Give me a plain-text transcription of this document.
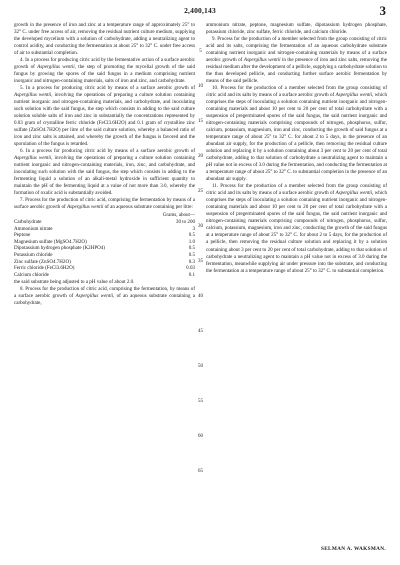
2,400,143	3

growth in the presence of iron and zinc at a temperature range of approximately 25° to 32° C. under free access of air, removing the residual nutrient culture medium, supplying the developed mycelium with a solution of carbohydrate, adding a neutralizing agent to control acidity, and conducting the fermentation at about 25° to 32° C. under free access of air to substantial completion.

4. In a process for producing citric acid by the fermentative action of a surface aerobic growth of Aspergillus wentii, the step of promoting the mycelial growth of the said fungus by growing the spores of the said fungus in a medium comprising nutrient inorganic and nitrogen-containing materials, salts of iron and zinc, and carbohydrate.

5. In a process for producing citric acid by means of a surface aerobic growth of Aspergillus wentii, involving the operations of preparing a culture solution containing nutrient inorganic and nitrogen-containing materials, and carbohydrate, and inoculating such solution with the said fungus, the step which consists in adding to the said culture solution soluble salts of iron and zinc in substantially the concentrations represented by 0.03 gram of crystalline ferric chloride (FeCl3.6H2O) and 0.1 gram of crystalline zinc sulfate (ZnSO4.7H2O) per litre of the said culture solution, whereby a balanced ratio of iron and zinc salts is attained, and whereby the growth of the fungus is favored and the sporulation of the fungus is retarded.

6. In a process for producing citric acid by means of a surface aerobic growth of Aspergillus wentii, involving the operations of preparing a culture solution containing nutrient inorganic and nitrogen-containing materials, iron, zinc, and carbohydrate, and inoculating such solution with the said fungus, the step which consists in adding to the fermenting liquid a solution of an alkali-metal hydroxide in sufficient quantity to maintain the pH of the fermenting liquid at a value of not more than 3.0, whereby the formation of oxalic acid is substantially avoided.

7. Process for the production of citric acid, comprising the fermentation by means of a surface aerobic growth of Aspergillus wentii of an aqueous substrate containing per litre:

Grams, about—	
Carbohydrate	30 to 200
Ammonium nitrate	3
Peptone	0.5
Magnesium sulfate (MgSO4.7H2O)	1.0
Dipotassium hydrogen phosphate (K2HPO4)	0.5
Potassium chloride	0.5
Zinc sulfate (ZnSO4.7H2O)	0.3
Ferric chloride (FeCl3.6H2O)	0.03
Calcium chloride	0.1

the said substrate being adjusted to a pH value of about 2.0.

8. Process for the production of citric acid, comprising the fermentation, by means of a surface aerobic growth of Aspergillus wentii, of an aqueous substrate containing a carbohydrate,

5
10
15
20
25
30
35
40
45
50
55
60
65

ammonium nitrate, peptone, magnesium sulfate, dipotassium hydrogen phosphate, potassium chloride, zinc sulfate, ferric chloride, and calcium chloride.

9. Process for the production of a member selected from the group consisting of citric acid and its salts, comprising the fermentation of an aqueous carbohydrate substrate containing nutrient inorganic and nitrogen-containing materials by means of a surface aerobic growth of Aspergillus wentii in the presence of iron and zinc salts, removing the residual medium after the development of a pellicle, supplying a carbohydrate solution to the thus developed pellicle, and conducting further surface aerobic fermentation by means of the said pellicle.

10. Process for the production of a member selected from the group consisting of citric acid and its salts by means of a surface aerobic growth of Aspergillus wentii, which comprises the steps of inoculating a solution containing nutrient inorganic and nitrogen-containing materials and about 10 per cent to 20 per cent of total carbohydrate with a suspension of pregerminated spores of the said fungus, the said nutrient inorganic and nitrogen-containing materials comprising compounds of nitrogen, phosphorus, sulfur, calcium, potassium, magnesium, iron and zinc, conducting the growth of said fungus at a temperature range of about 25° to 32° C. for about 2 to 5 days, in the presence of an abundant air supply, for the production of a pellicle, then removing the residual culture solution and replacing it by a solution containing about 3 per cent to 20 per cent of total carbohydrate, adding to that solution of carbohydrate a neutralizing agent to maintain a pH value not in excess of 3.0 during the fermentation, and conducting the fermentation at a temperature range of about 25° to 32° C. to substantial completion in the presence of an abundant air supply.

11. Process for the production of a member selected from the group consisting of citric acid and its salts by means of a surface aerobic growth of Aspergillus wentii, which comprises the steps of inoculating a solution containing nutrient inorganic and nitrogen-containing materials and about 10 per cent to 20 per cent of total carbohydrate with a suspension of pregerminated spores of the said fungus, the said nutrient inorganic and nitrogen-containing materials comprising compounds of nitrogen, phosphorus, sulfur, calcium, potassium, magnesium, iron and zinc, conducting the growth of the said fungus at a temperature range of about 25° to 32° C. for about 2 to 5 days, for the production of a pellicle, then removing the residual culture solution and replacing it by a solution containing about 3 per cent to 20 per cent of total carbohydrate, adding to that solution of carbohydrate a neutralizing agent to maintain a pH value not in excess of 3.0 during the fermentation, meanwhile supplying air under pressure into the substrate, and conducting the fermentation at a temperature range of about 25° to 32° C. to substantial completion.

SELMAN A. WAKSMAN.
